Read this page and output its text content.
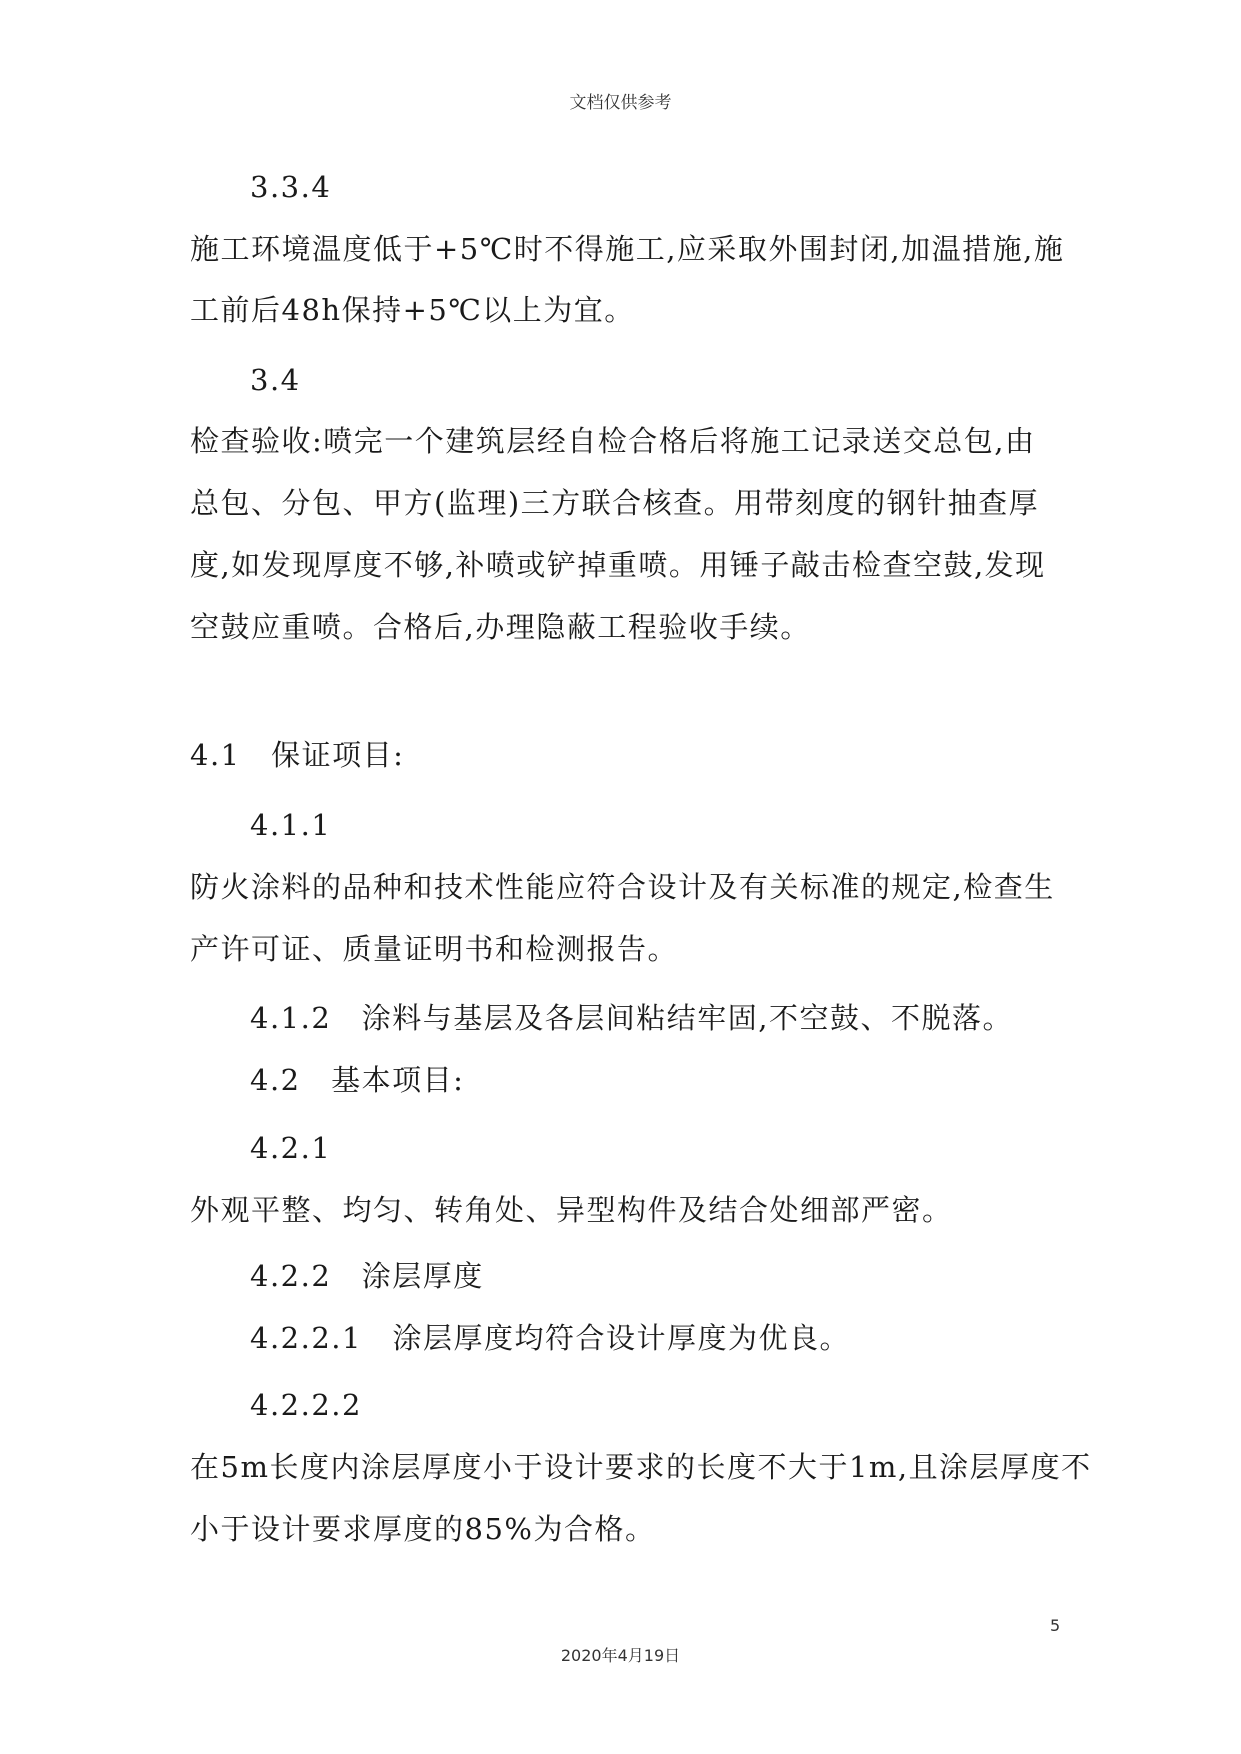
文档仅供参考
3.3.4
施工环境温度低于+5℃时不得施工,应采取外围封闭,加温措施,施
工前后48h保持+5℃以上为宜。
3.4
检查验收:喷完一个建筑层经自检合格后将施工记录送交总包,由
总包、分包、甲方(监理)三方联合核查。用带刻度的钢针抽查厚
度,如发现厚度不够,补喷或铲掉重喷。用锤子敲击检查空鼓,发现
空鼓应重喷。合格后,办理隐蔽工程验收手续。
4.1　保证项目:
4.1.1
防火涂料的品种和技术性能应符合设计及有关标准的规定,检查生
产许可证、质量证明书和检测报告。
4.1.2　涂料与基层及各层间粘结牢固,不空鼓、不脱落。
4.2　基本项目:
4.2.1
外观平整、均匀、转角处、异型构件及结合处细部严密。
4.2.2　涂层厚度
4.2.2.1　涂层厚度均符合设计厚度为优良。
4.2.2.2
在5m长度内涂层厚度小于设计要求的长度不大于1m,且涂层厚度不
小于设计要求厚度的85%为合格。
5
2020年4月19日
